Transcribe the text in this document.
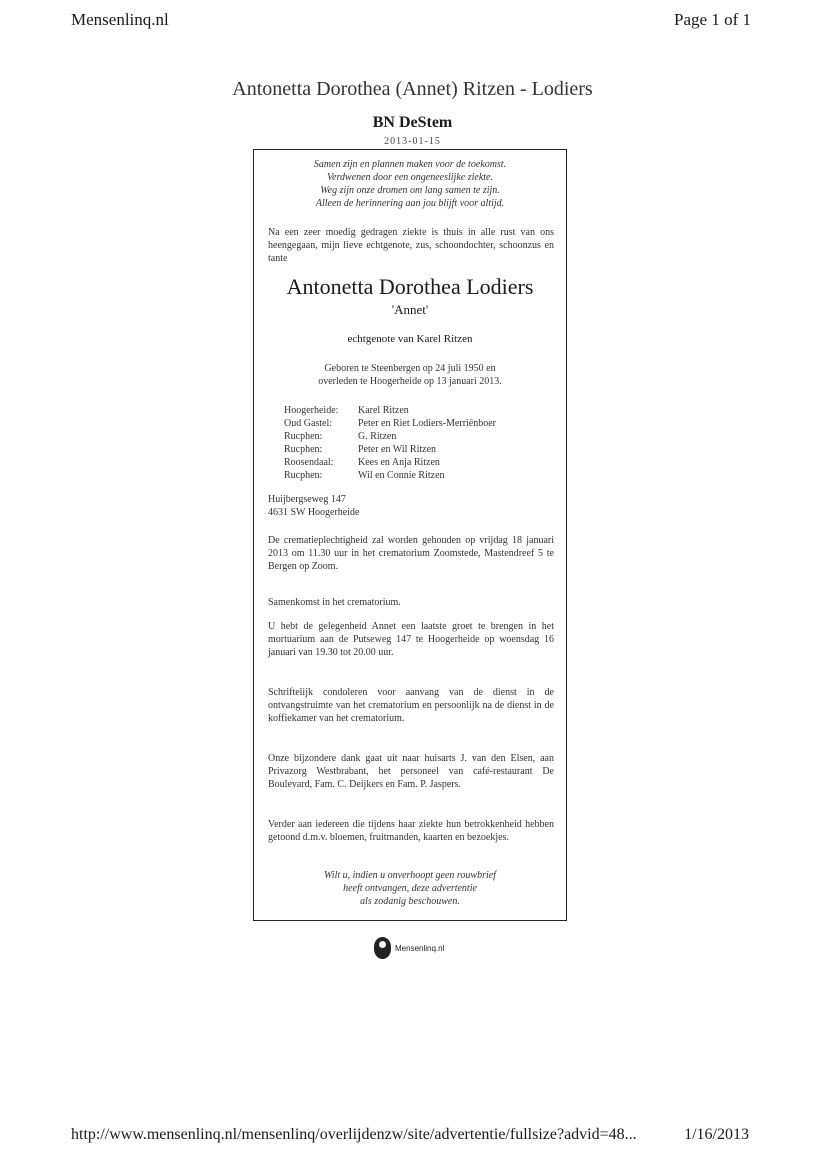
Mensenlinq.nl	Page 1 of 1
Antonetta Dorothea (Annet) Ritzen - Lodiers
BN DeStem
2013-01-15
Samen zijn en plannen maken voor de toekomst.
Verdwenen door een ongeneeslijke ziekte.
Weg zijn onze dromen om lang samen te zijn.
Alleen de herinnering aan jou blijft voor altijd.
Na een zeer moedig gedragen ziekte is thuis in alle rust van ons heengegaan, mijn lieve echtgenote, zus, schoondochter, schoonzus en tante
Antonetta Dorothea Lodiers
'Annet'
echtgenote van Karel Ritzen
Geboren te Steenbergen op 24 juli 1950 en
overleden te Hoogerheide op 13 januari 2013.
Hoogerheide:	Karel Ritzen
Oud Gastel:	Peter en Riet Lodiers-Merriënboer
Rucphen:	G. Ritzen
Rucphen:	Peter en Wil Ritzen
Roosendaal:	Kees en Anja Ritzen
Rucphen:	Wil en Connie Ritzen
Huijbergseweg 147
4631 SW Hoogerheide
De crematieplechtigheid zal worden gehouden op vrijdag 18 januari 2013 om 11.30 uur in het crematorium Zoomstede, Mastendreef 5 te Bergen op Zoom.
Samenkomst in het crematorium.
U hebt de gelegenheid Annet een laatste groet te brengen in het mortuarium aan de Putseweg 147 te Hoogerheide op woensdag 16 januari van 19.30 tot 20.00 uur.
Schriftelijk condoleren voor aanvang van de dienst in de ontvangstruimte van het crematorium en persoonlijk na de dienst in de koffiekamer van het crematorium.
Onze bijzondere dank gaat uit naar huisarts J. van den Elsen, aan Privazorg Westbrabant, het personeel van café-restaurant De Boulevard, Fam. C. Deijkers en Fam. P. Jaspers.
Verder aan iedereen die tijdens haar ziekte hun betrokkenheid hebben getoond d.m.v. bloemen, fruitmanden, kaarten en bezoekjes.
Wilt u, indien u onverhoopt geen rouwbrief
heeft ontvangen, deze advertentie
als zodanig beschouwen.
Mensenlinq.nl
http://www.mensenlinq.nl/mensenlinq/overlijdenzw/site/advertentie/fullsize?advid=48...	1/16/2013
